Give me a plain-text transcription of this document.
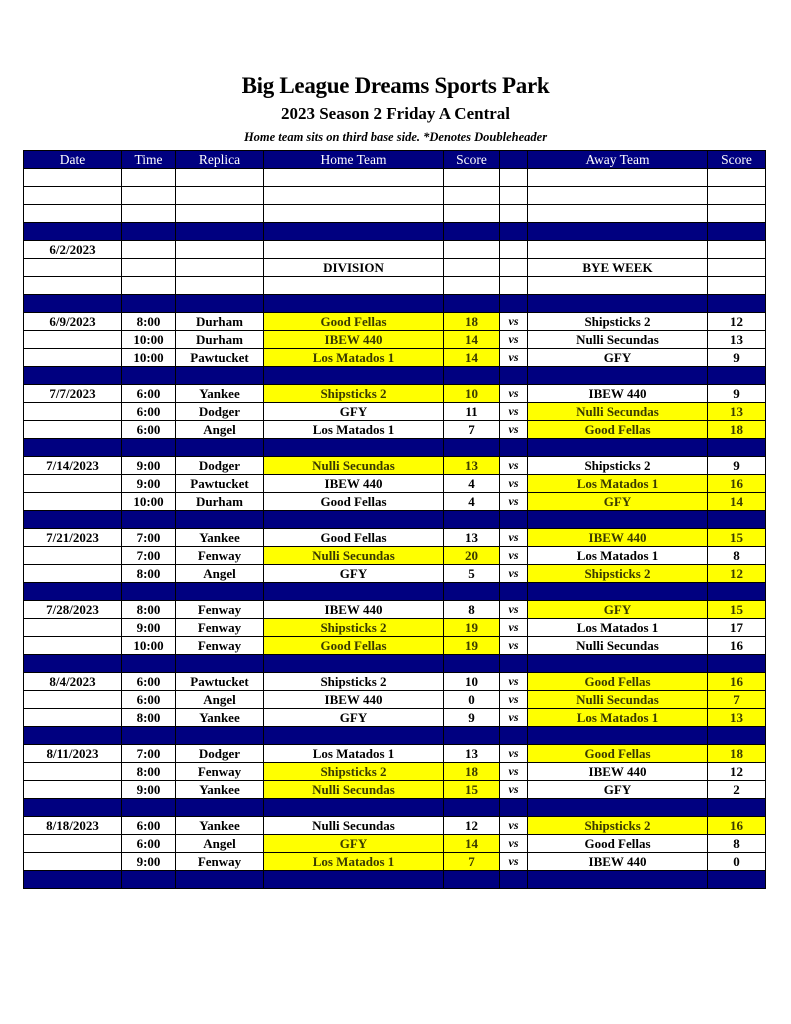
Big League Dreams Sports Park
2023 Season 2 Friday A Central
Home team sits on third base side. *Denotes Doubleheader
Date	Time	Replica	Home Team	Score		Away Team	Score

6/2/2023							
			DIVISION			BYE WEEK	

6/9/2023	8:00	Durham	Good Fellas	18	vs	Shipsticks 2	12
	10:00	Durham	IBEW 440	14	vs	Nulli Secundas	13
	10:00	Pawtucket	Los Matados 1	14	vs	GFY	9

7/7/2023	6:00	Yankee	Shipsticks 2	10	vs	IBEW 440	9
	6:00	Dodger	GFY	11	vs	Nulli Secundas	13
	6:00	Angel	Los Matados 1	7	vs	Good Fellas	18

7/14/2023	9:00	Dodger	Nulli Secundas	13	vs	Shipsticks 2	9
	9:00	Pawtucket	IBEW 440	4	vs	Los Matados 1	16
	10:00	Durham	Good Fellas	4	vs	GFY	14

7/21/2023	7:00	Yankee	Good Fellas	13	vs	IBEW 440	15
	7:00	Fenway	Nulli Secundas	20	vs	Los Matados 1	8
	8:00	Angel	GFY	5	vs	Shipsticks 2	12

7/28/2023	8:00	Fenway	IBEW 440	8	vs	GFY	15
	9:00	Fenway	Shipsticks 2	19	vs	Los Matados 1	17
	10:00	Fenway	Good Fellas	19	vs	Nulli Secundas	16

8/4/2023	6:00	Pawtucket	Shipsticks 2	10	vs	Good Fellas	16
	6:00	Angel	IBEW 440	0	vs	Nulli Secundas	7
	8:00	Yankee	GFY	9	vs	Los Matados 1	13

8/11/2023	7:00	Dodger	Los Matados 1	13	vs	Good Fellas	18
	8:00	Fenway	Shipsticks 2	18	vs	IBEW 440	12
	9:00	Yankee	Nulli Secundas	15	vs	GFY	2

8/18/2023	6:00	Yankee	Nulli Secundas	12	vs	Shipsticks 2	16
	6:00	Angel	GFY	14	vs	Good Fellas	8
	9:00	Fenway	Los Matados 1	7	vs	IBEW 440	0
